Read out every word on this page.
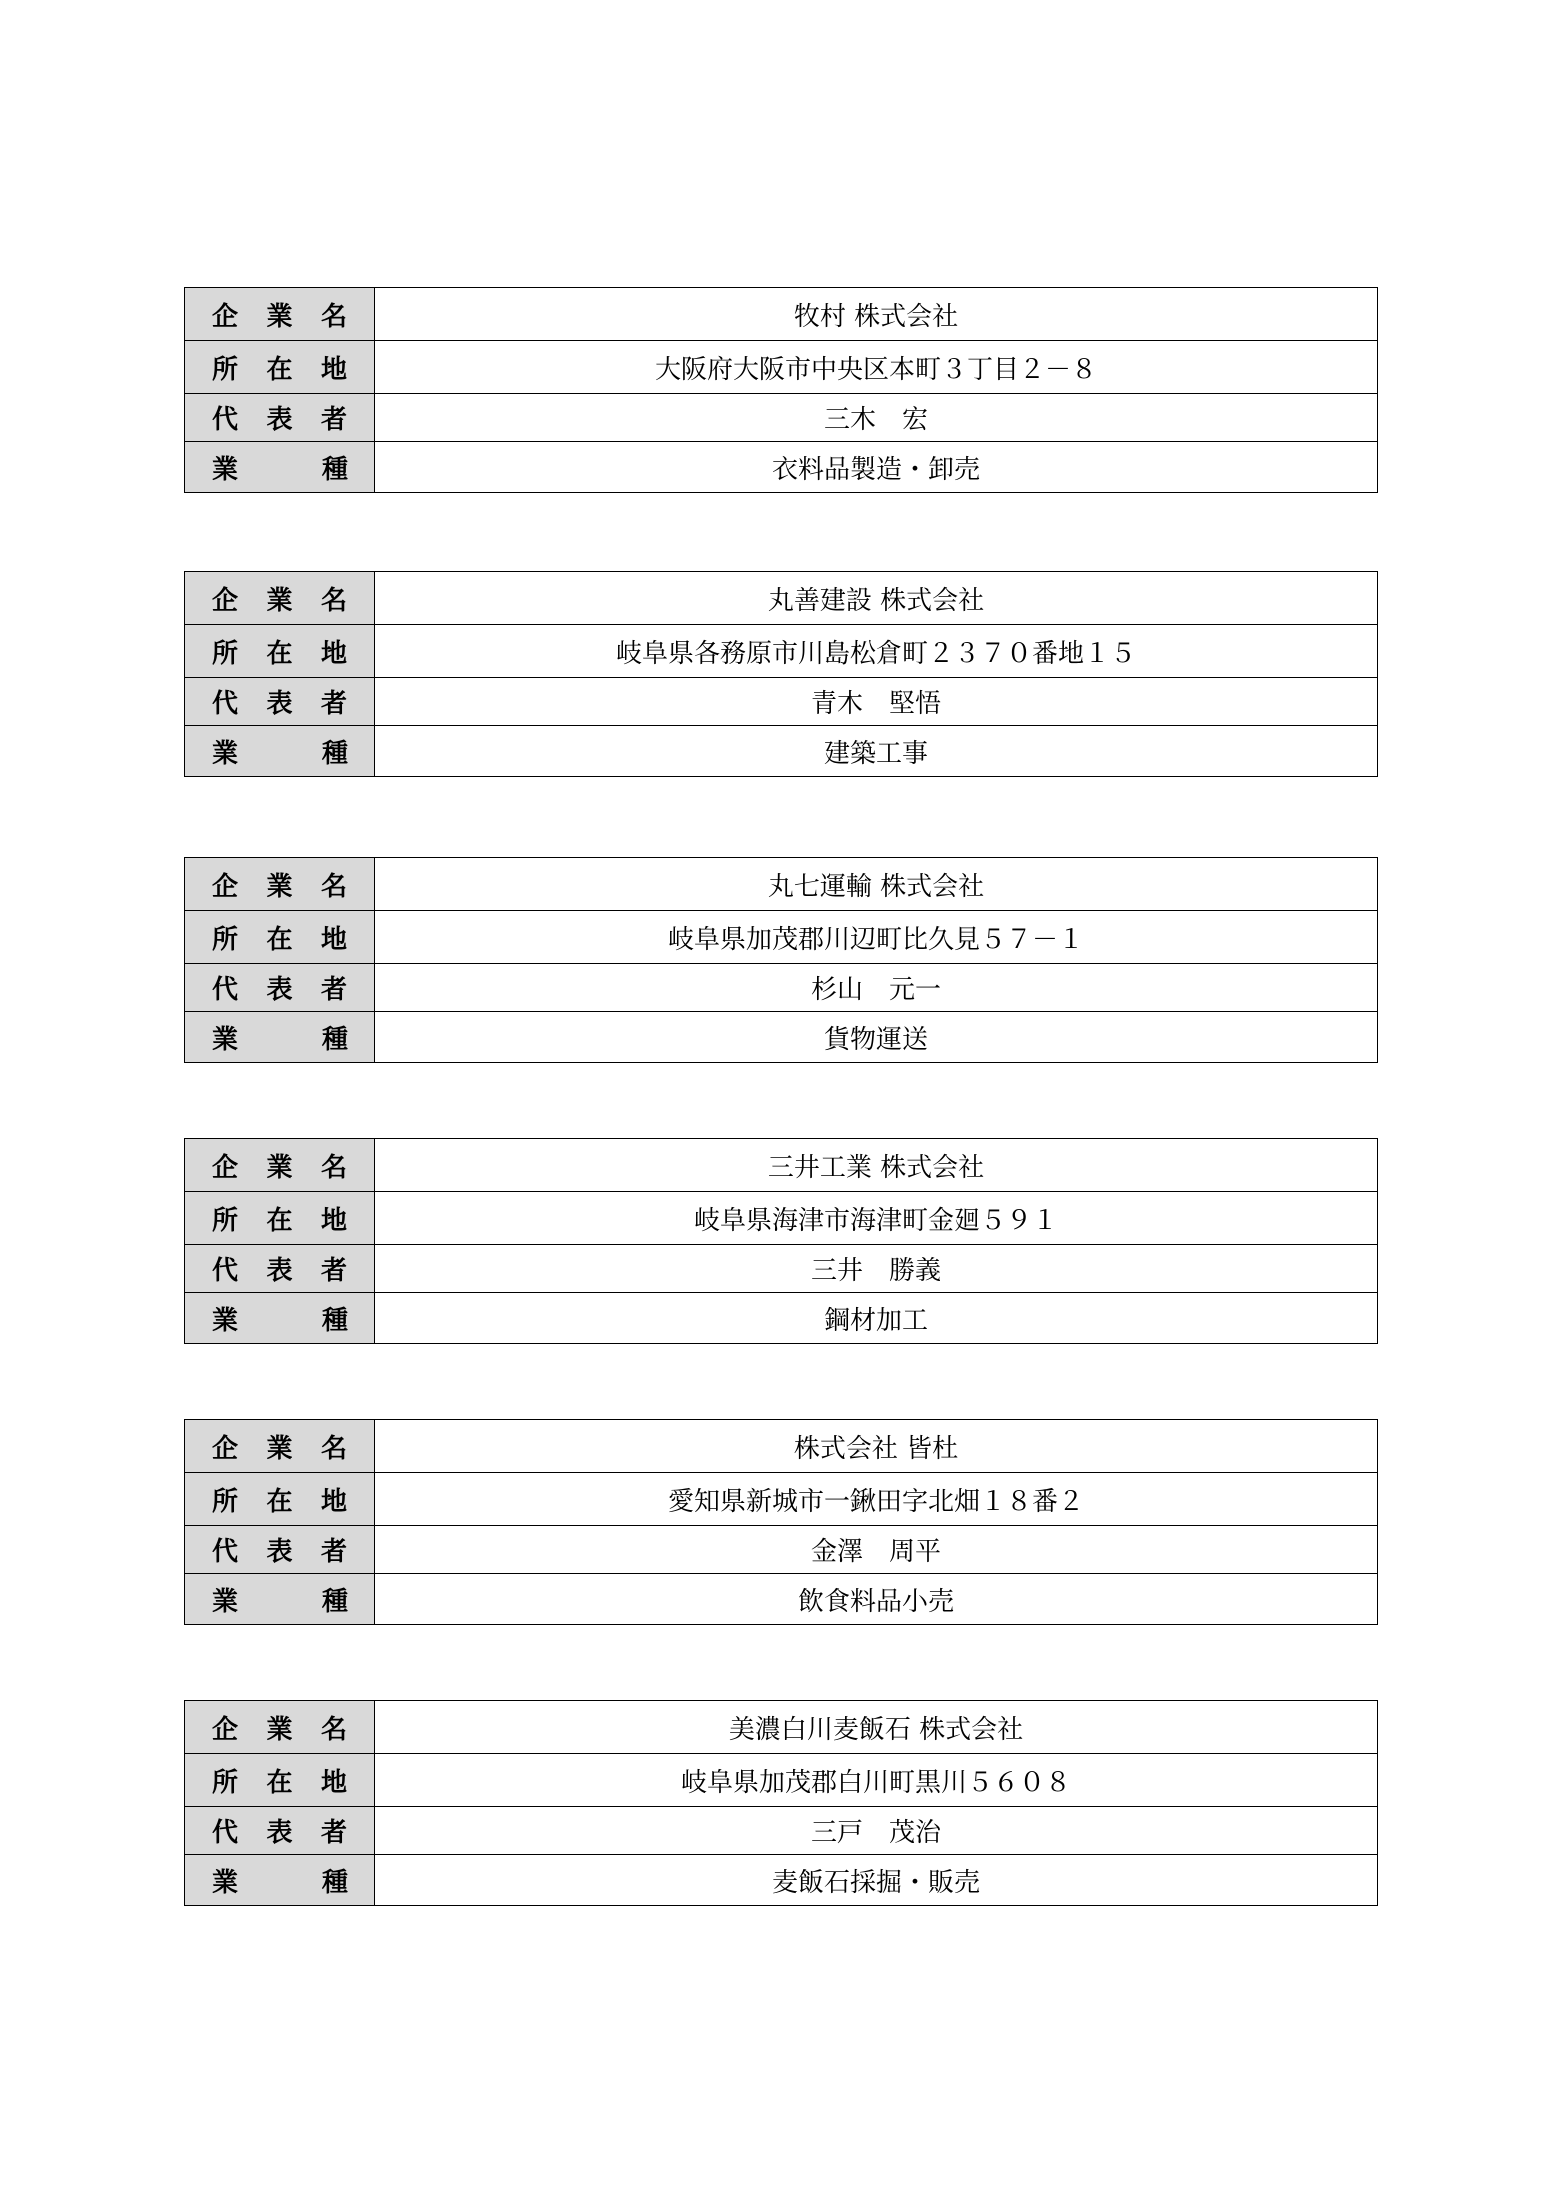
企 業 名	牧村 株式会社

所 在 地	大阪府大阪市中央区本町３丁目２－８

代 表 者	三木　宏

業 種	衣料品製造・卸売
企 業 名	丸善建設 株式会社

所 在 地	岐阜県各務原市川島松倉町２３７０番地１５

代 表 者	青木　堅悟

業 種	建築工事
企 業 名	丸七運輸 株式会社

所 在 地	岐阜県加茂郡川辺町比久見５７－１

代 表 者	杉山　元一

業 種	貨物運送
企 業 名	三井工業 株式会社

所 在 地	岐阜県海津市海津町金廻５９１

代 表 者	三井　勝義

業 種	鋼材加工
企 業 名	株式会社 皆杜

所 在 地	愛知県新城市一鍬田字北畑１８番２

代 表 者	金澤　周平

業 種	飲食料品小売
企 業 名	美濃白川麦飯石 株式会社

所 在 地	岐阜県加茂郡白川町黒川５６０８

代 表 者	三戸　茂治

業 種	麦飯石採掘・販売
